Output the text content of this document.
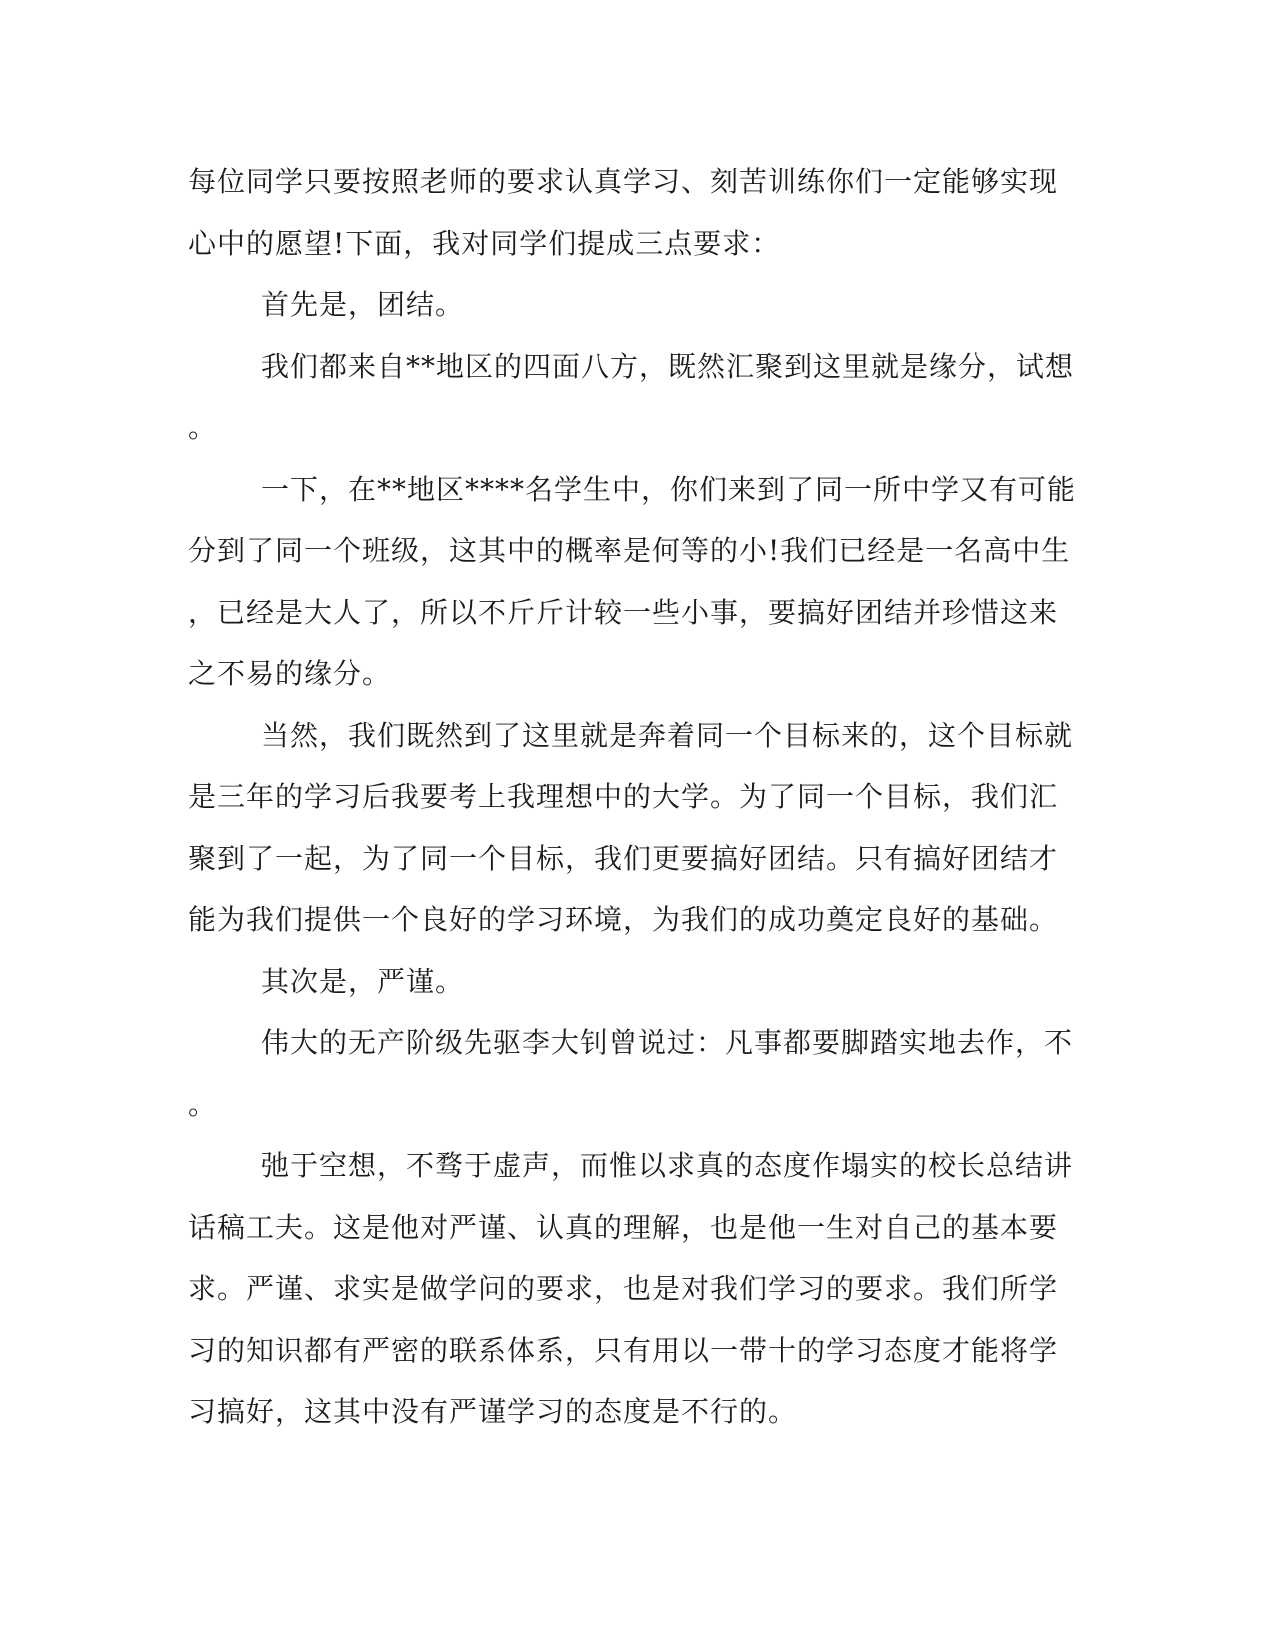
每位同学只要按照老师的要求认真学习、刻苦训练你们一定能够实现
心中的愿望!下面，我对同学们提成三点要求：
首先是，团结。
我们都来自**地区的四面八方，既然汇聚到这里就是缘分，试想
。
一下，在**地区****名学生中，你们来到了同一所中学又有可能
分到了同一个班级，这其中的概率是何等的小!我们已经是一名高中生
，已经是大人了，所以不斤斤计较一些小事，要搞好团结并珍惜这来
之不易的缘分。
当然，我们既然到了这里就是奔着同一个目标来的，这个目标就
是三年的学习后我要考上我理想中的大学。为了同一个目标，我们汇
聚到了一起，为了同一个目标，我们更要搞好团结。只有搞好团结才
能为我们提供一个良好的学习环境，为我们的成功奠定良好的基础。
其次是，严谨。
伟大的无产阶级先驱李大钊曾说过：凡事都要脚踏实地去作，不
。
弛于空想，不骛于虚声，而惟以求真的态度作塌实的校长总结讲
话稿工夫。这是他对严谨、认真的理解，也是他一生对自己的基本要
求。严谨、求实是做学问的要求，也是对我们学习的要求。我们所学
习的知识都有严密的联系体系，只有用以一带十的学习态度才能将学
习搞好，这其中没有严谨学习的态度是不行的。
